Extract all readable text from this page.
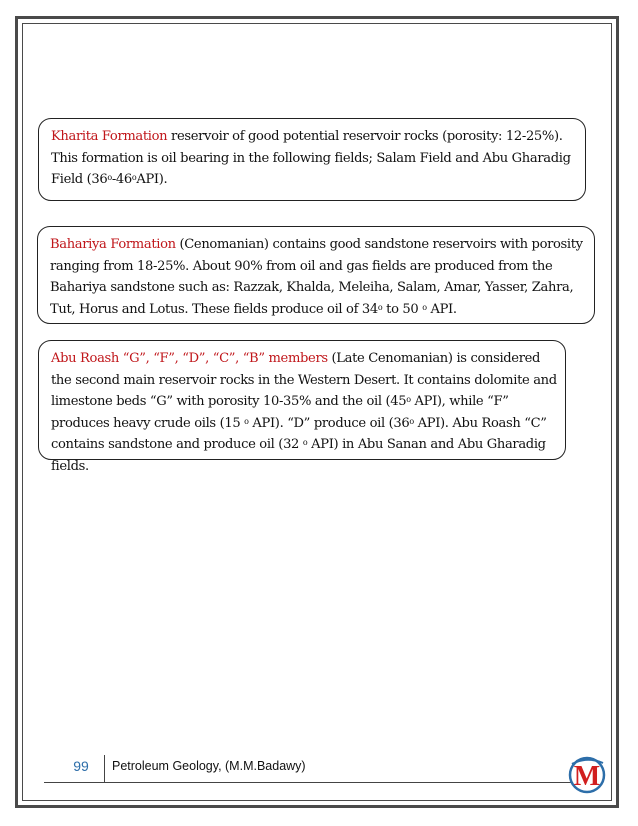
Kharita Formation reservoir of good potential reservoir rocks (porosity: 12-25%). This formation is oil bearing in the following fields; Salam Field and Abu Gharadig Field (36$^o$-46$^o$API).

Bahariya Formation (Cenomanian) contains good sandstone reservoirs with porosity ranging from 18-25%. About 90% from oil and gas fields are produced from the Bahariya sandstone such as: Razzak, Khalda, Meleiha, Salam, Amar, Yasser, Zahra, Tut, Horus and Lotus. These fields produce oil of 34$^o$ to 50 $^o$ API.

Abu Roash “G”, “F”, “D”, “C”, “B” members (Late Cenomanian) is considered the second main reservoir rocks in the Western Desert. It contains dolomite and limestone beds “G” with porosity 10-35% and the oil (45$^o$ API), while “F” produces heavy crude oils (15 $^o$ API). “D” produce oil (36$^o$ API). Abu Roash “C” contains sandstone and produce oil (32 $^o$ API) in Abu Sanan and Abu Gharadig fields.

99	Petroleum Geology, (M.M.Badawy)	M
